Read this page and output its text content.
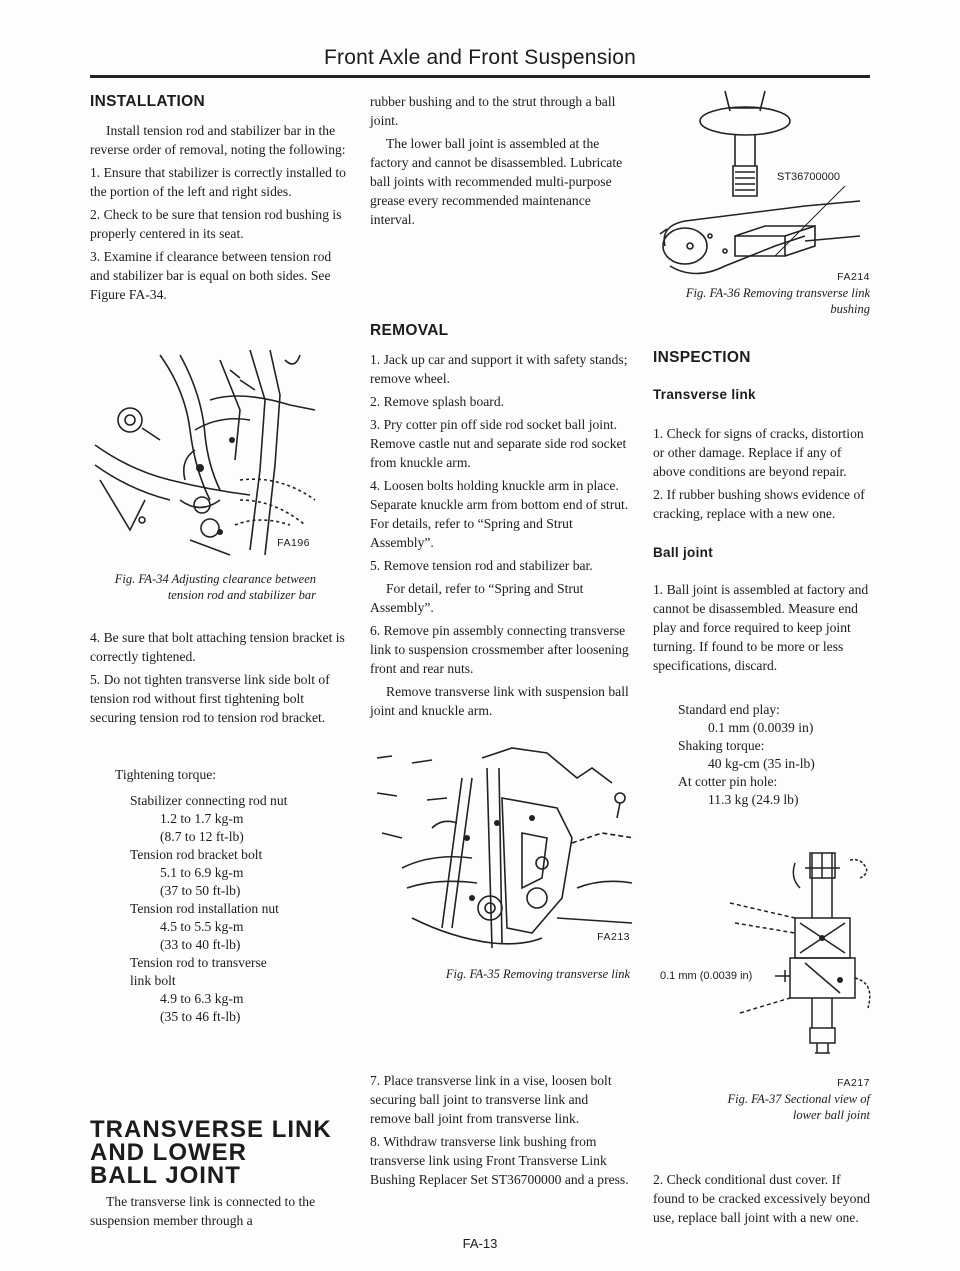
Front Axle and Front Suspension
INSTALLATION

Install tension rod and stabilizer bar in the reverse order of removal, noting the following:

1. Ensure that stabilizer is correctly installed to the portion of the left and right sides.

2. Check to be sure that tension rod bushing is properly centered in its seat.

3. Examine if clearance between tension rod and stabilizer bar is equal on both sides. See Figure FA-34.

FA196
Fig. FA-34 Adjusting clearance between tension rod and stabilizer bar

4. Be sure that bolt attaching tension bracket is correctly tightened.

5. Do not tighten transverse link side bolt of tension rod without first tightening bolt securing tension rod to tension rod bracket.

Tightening torque:

Stabilizer connecting rod nut

1.2 to 1.7 kg-m

(8.7 to 12 ft-lb)

Tension rod bracket bolt

5.1 to 6.9 kg-m

(37 to 50 ft-lb)

Tension rod installation nut

4.5 to 5.5 kg-m

(33 to 40 ft-lb)

Tension rod to transverse link bolt

4.9 to 6.3 kg-m

(35 to 46 ft-lb)

TRANSVERSE LINK
AND LOWER
BALL JOINT

The transverse link is connected to the suspension member through a

rubber bushing and to the strut through a ball joint.

The lower ball joint is assembled at the factory and cannot be disassembled. Lubricate ball joints with recommended multi-purpose grease every recommended maintenance interval.

REMOVAL

1. Jack up car and support it with safety stands; remove wheel.

2. Remove splash board.

3. Pry cotter pin off side rod socket ball joint. Remove castle nut and separate side rod socket from knuckle arm.

4. Loosen bolts holding knuckle arm in place. Separate knuckle arm from bottom end of strut. For details, refer to “Spring and Strut Assembly”.

5. Remove tension rod and stabilizer bar.

For detail, refer to “Spring and Strut Assembly”.

6. Remove pin assembly connecting transverse link to suspension crossmember after loosening front and rear nuts.

Remove transverse link with suspension ball joint and knuckle arm.

FA213
Fig. FA-35 Removing transverse link

7. Place transverse link in a vise, loosen bolt securing ball joint to transverse link and remove ball joint from transverse link.

8. Withdraw transverse link bushing from transverse link using Front Transverse Link Bushing Replacer Set ST36700000 and a press.

ST36700000
FA214
Fig. FA-36 Removing transverse link bushing
INSPECTION
Transverse link

1. Check for signs of cracks, distortion or other damage. Replace if any of above conditions are beyond repair.

2. If rubber bushing shows evidence of cracking, replace with a new one.

Ball joint

1. Ball joint is assembled at factory and cannot be disassembled. Measure end play and force required to keep joint turning. If found to be more or less specifications, discard.

Standard end play:

0.1 mm (0.0039 in)

Shaking torque:

40 kg-cm (35 in-lb)

At cotter pin hole:

11.3 kg (24.9 lb)

0.1 mm (0.0039 in)
FA217
Fig. FA-37 Sectional view of lower ball joint

2. Check conditional dust cover. If found to be cracked excessively beyond use, replace ball joint with a new one.

FA-13
